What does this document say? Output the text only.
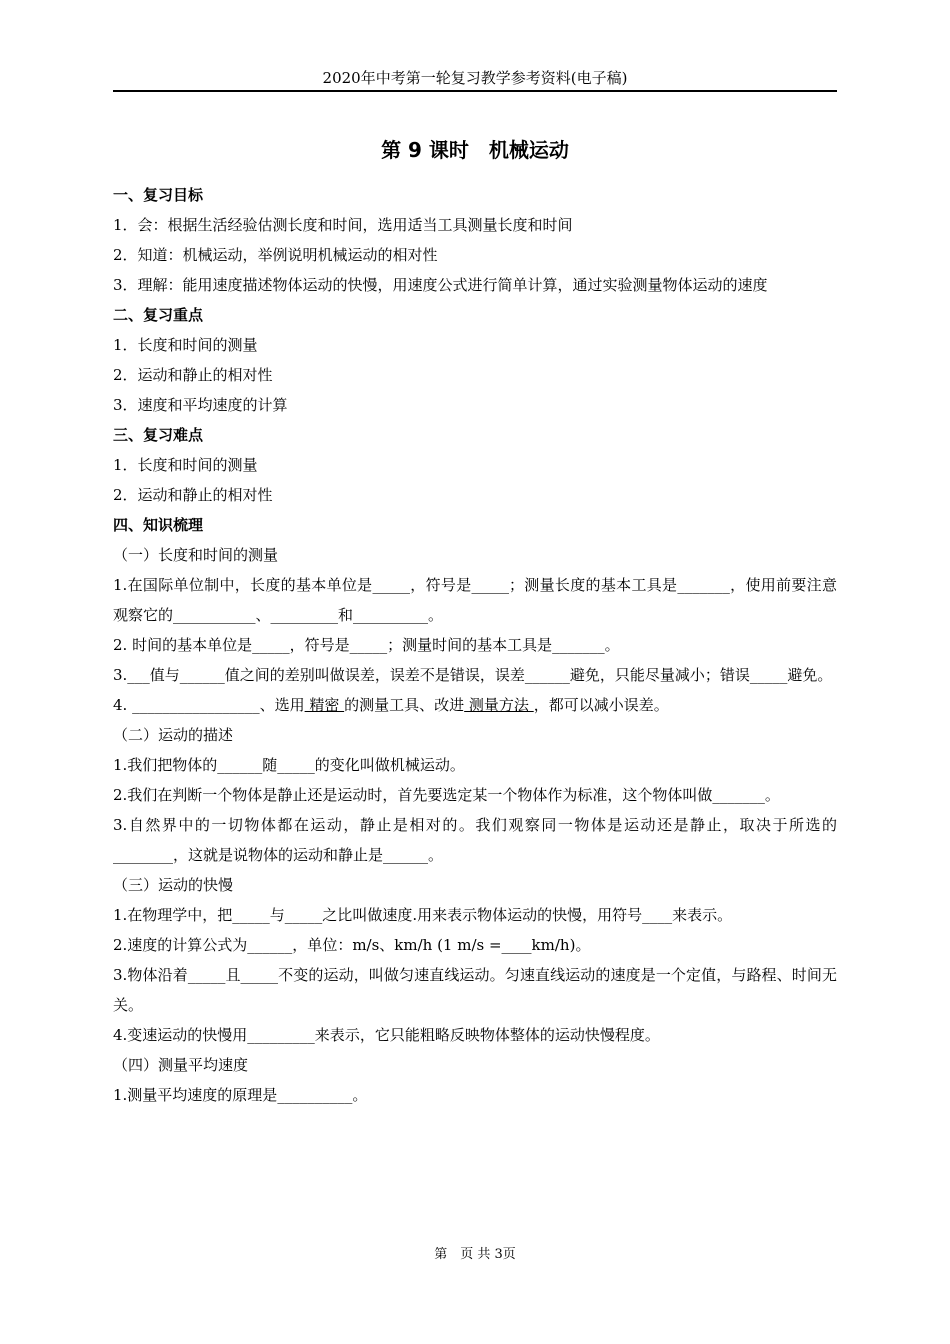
2020年中考第一轮复习教学参考资料(电子稿)
第 9 课时　机械运动

一、复习目标

1．会：根据生活经验估测长度和时间，选用适当工具测量长度和时间

2．知道：机械运动，举例说明机械运动的相对性

3．理解：能用速度描述物体运动的快慢，用速度公式进行简单计算，通过实验测量物体运动的速度

二、复习重点

1．长度和时间的测量

2．运动和静止的相对性

3．速度和平均速度的计算

三、复习难点

1．长度和时间的测量

2．运动和静止的相对性

四、知识梳理

（一）长度和时间的测量

1.在国际单位制中，长度的基本单位是_____，符号是_____；测量长度的基本工具是_______，使用前要注意观察它的___________、_________和__________。

2. 时间的基本单位是_____，符号是_____；测量时间的基本工具是_______。

3.___值与______值之间的差别叫做误差，误差不是错误，误差______避免，只能尽量减小；错误_____避免。

4. _________________、选用 精密 的测量工具、改进 测量方法 ，都可以减小误差。

（二）运动的描述

1.我们把物体的______随_____的变化叫做机械运动。

2.我们在判断一个物体是静止还是运动时，首先要选定某一个物体作为标准，这个物体叫做_______。

3.自然界中的一切物体都在运动，静止是相对的。我们观察同一物体是运动还是静止，取决于所选的________，这就是说物体的运动和静止是______。

（三）运动的快慢

1.在物理学中，把_____与_____之比叫做速度.用来表示物体运动的快慢，用符号____来表示。

2.速度的计算公式为______，单位：m/s、km/h (1 m/s =____km/h)。

3.物体沿着_____且_____不变的运动，叫做匀速直线运动。匀速直线运动的速度是一个定值，与路程、时间无关。

4.变速运动的快慢用_________来表示，它只能粗略反映物体整体的运动快慢程度。

（四）测量平均速度

1.测量平均速度的原理是__________。

第　页 共 3页
